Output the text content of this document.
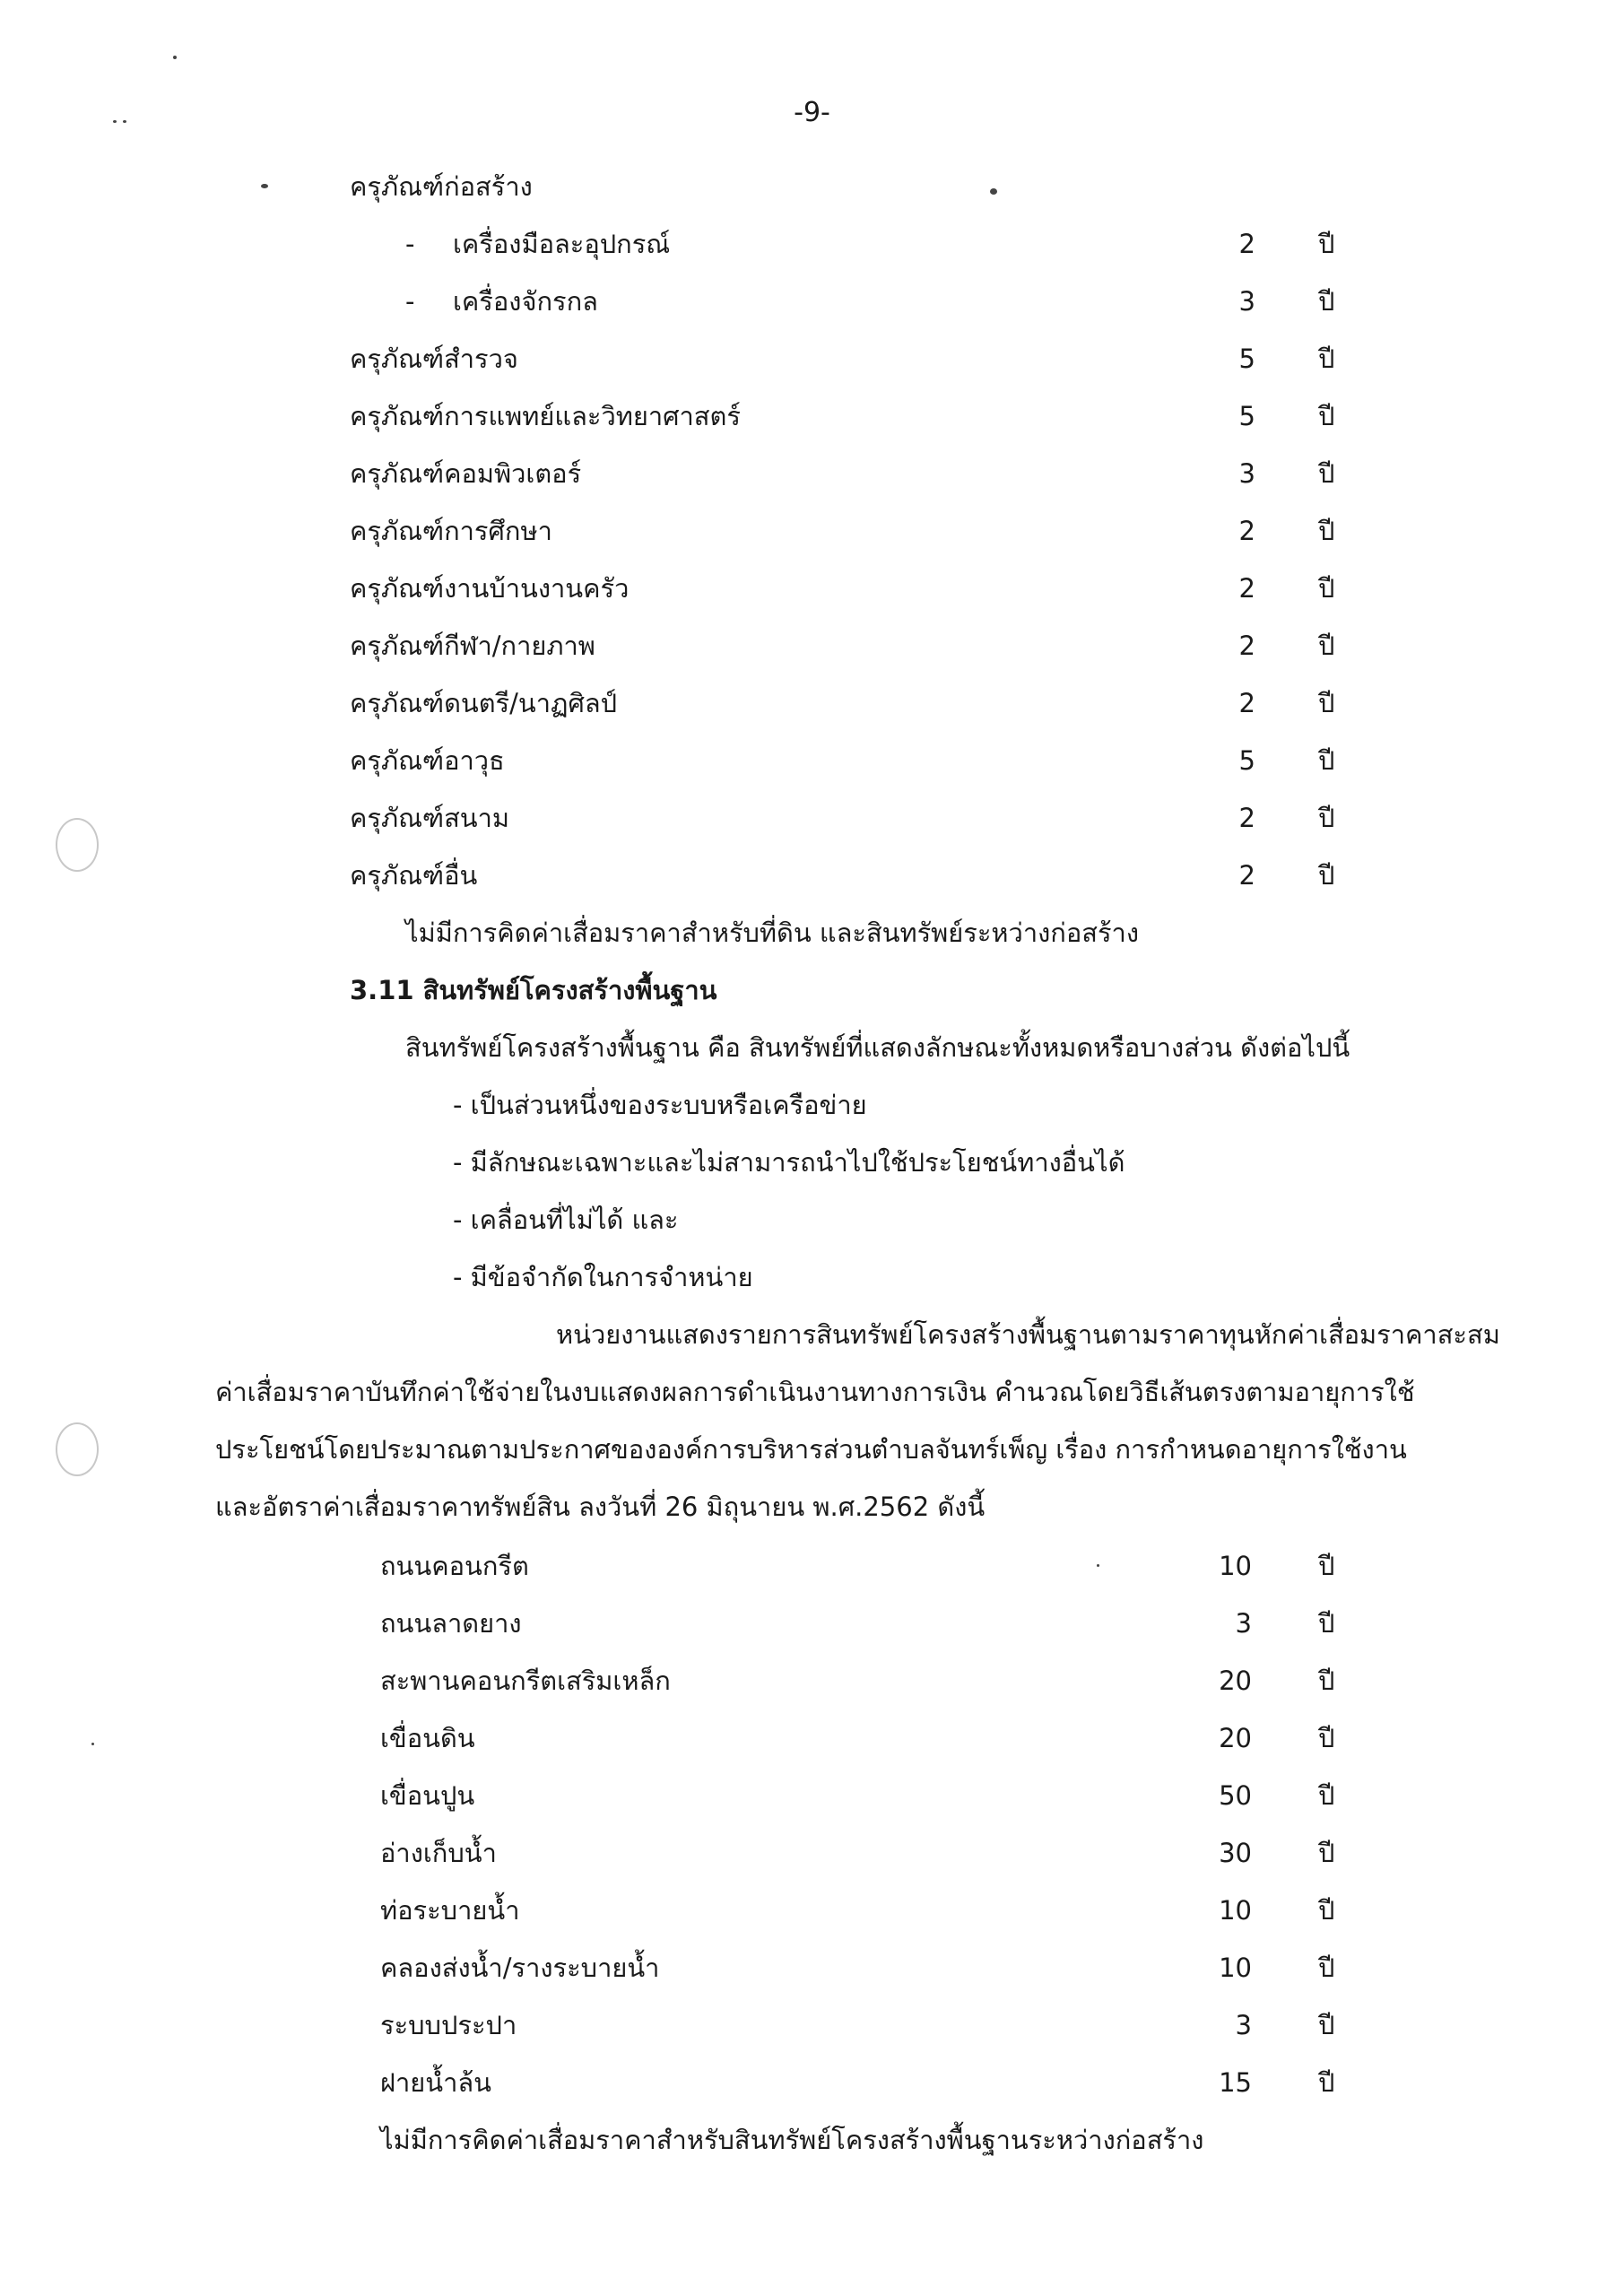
-9-
ครุภัณฑ์ก่อสร้าง
- เครื่องมือละอุปกรณ์	2 ปี
- เครื่องจักรกล	3 ปี
ครุภัณฑ์สำรวจ	5 ปี
ครุภัณฑ์การแพทย์และวิทยาศาสตร์	5 ปี
ครุภัณฑ์คอมพิวเตอร์	3 ปี
ครุภัณฑ์การศึกษา	2 ปี
ครุภัณฑ์งานบ้านงานครัว	2 ปี
ครุภัณฑ์กีฬา/กายภาพ	2 ปี
ครุภัณฑ์ดนตรี/นาฏศิลป์	2 ปี
ครุภัณฑ์อาวุธ	5 ปี
ครุภัณฑ์สนาม	2 ปี
ครุภัณฑ์อื่น	2 ปี
ไม่มีการคิดค่าเสื่อมราคาสำหรับที่ดิน และสินทรัพย์ระหว่างก่อสร้าง
3.11 สินทรัพย์โครงสร้างพื้นฐาน
สินทรัพย์โครงสร้างพื้นฐาน คือ สินทรัพย์ที่แสดงลักษณะทั้งหมดหรือบางส่วน ดังต่อไปนี้
- เป็นส่วนหนึ่งของระบบหรือเครือข่าย
- มีลักษณะเฉพาะและไม่สามารถนำไปใช้ประโยชน์ทางอื่นได้
- เคลื่อนที่ไม่ได้ และ
- มีข้อจำกัดในการจำหน่าย
หน่วยงานแสดงรายการสินทรัพย์โครงสร้างพื้นฐานตามราคาทุนหักค่าเสื่อมราคาสะสม
ค่าเสื่อมราคาบันทึกค่าใช้จ่ายในงบแสดงผลการดำเนินงานทางการเงิน คำนวณโดยวิธีเส้นตรงตามอายุการใช้
ประโยชน์โดยประมาณตามประกาศขององค์การบริหารส่วนตำบลจันทร์เพ็ญ เรื่อง การกำหนดอายุการใช้งาน
และอัตราค่าเสื่อมราคาทรัพย์สิน ลงวันที่ 26 มิถุนายน พ.ศ.2562 ดังนี้
ถนนคอนกรีต	10	ปี
ถนนลาดยาง	3	ปี
สะพานคอนกรีตเสริมเหล็ก	20	ปี
เขื่อนดิน	20	ปี
เขื่อนปูน	50	ปี
อ่างเก็บน้ำ	30	ปี
ท่อระบายน้ำ	10	ปี
คลองส่งน้ำ/รางระบายน้ำ	10	ปี
ระบบประปา	3	ปี
ฝายน้ำล้น	15	ปี
ไม่มีการคิดค่าเสื่อมราคาสำหรับสินทรัพย์โครงสร้างพื้นฐานระหว่างก่อสร้าง
